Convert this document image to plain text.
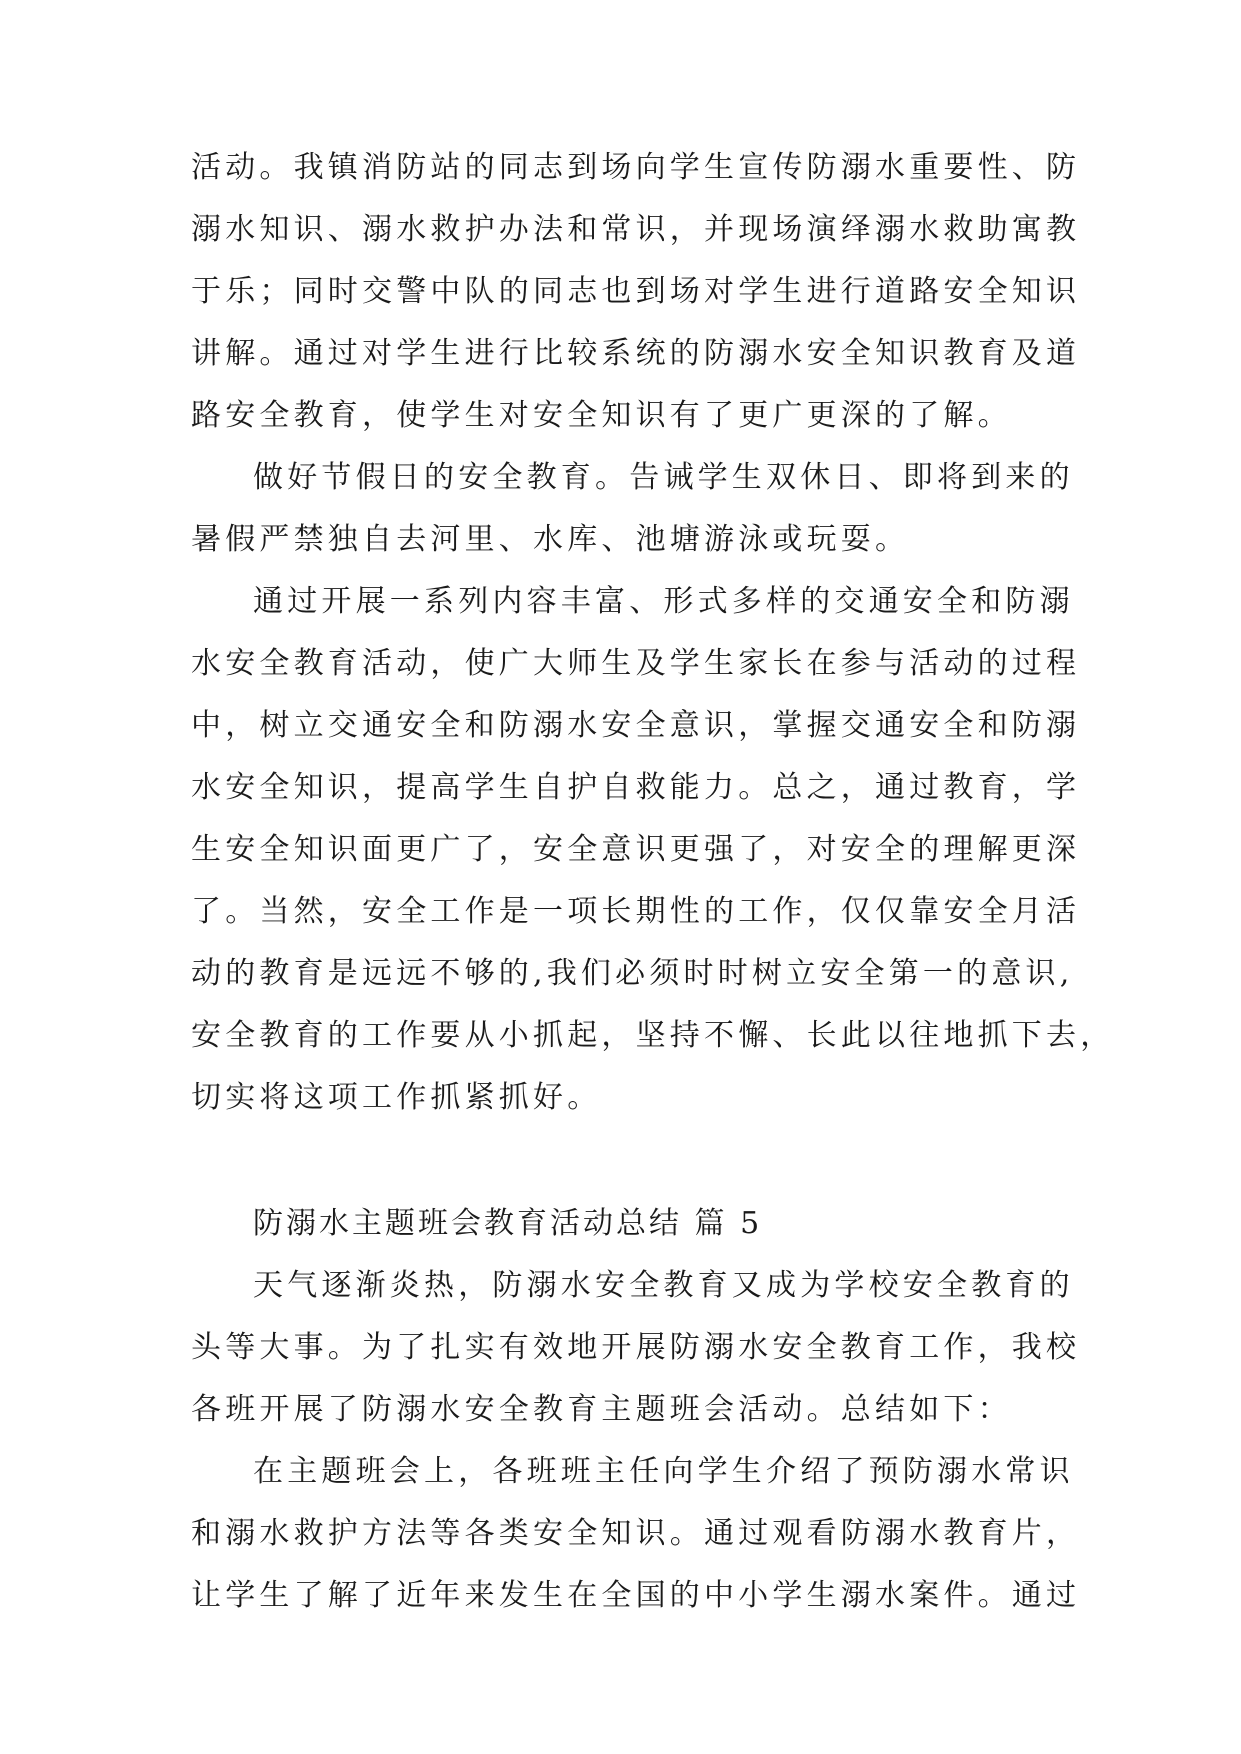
活动。我镇消防站的同志到场向学生宣传防溺水重要性、防
溺水知识、溺水救护办法和常识，并现场演绎溺水救助寓教
于乐；同时交警中队的同志也到场对学生进行道路安全知识
讲解。通过对学生进行比较系统的防溺水安全知识教育及道
路安全教育，使学生对安全知识有了更广更深的了解。
做好节假日的安全教育。告诫学生双休日、即将到来的
暑假严禁独自去河里、水库、池塘游泳或玩耍。
通过开展一系列内容丰富、形式多样的交通安全和防溺
水安全教育活动，使广大师生及学生家长在参与活动的过程
中，树立交通安全和防溺水安全意识，掌握交通安全和防溺
水安全知识，提高学生自护自救能力。总之，通过教育，学
生安全知识面更广了，安全意识更强了，对安全的理解更深
了。当然，安全工作是一项长期性的工作，仅仅靠安全月活
动的教育是远远不够的,我们必须时时树立安全第一的意识,
安全教育的工作要从小抓起，坚持不懈、长此以往地抓下去，
切实将这项工作抓紧抓好。
防溺水主题班会教育活动总结 篇 5
天气逐渐炎热，防溺水安全教育又成为学校安全教育的
头等大事。为了扎实有效地开展防溺水安全教育工作，我校
各班开展了防溺水安全教育主题班会活动。总结如下：
在主题班会上，各班班主任向学生介绍了预防溺水常识
和溺水救护方法等各类安全知识。通过观看防溺水教育片，
让学生了解了近年来发生在全国的中小学生溺水案件。通过
